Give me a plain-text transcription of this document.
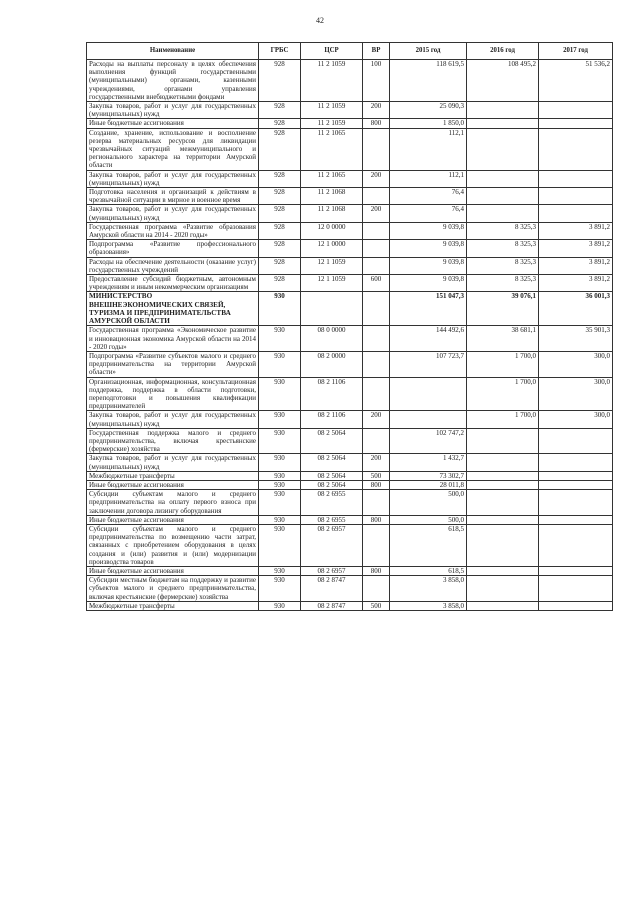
42
Наименование	ГРБС	ЦСР	ВР	2015 год	2016 год	2017 год
Расходы на выплаты персоналу в целях обеспечения выполнения функций государственными (муниципальными) органами, казенными учреждениями, органами управления государственными внебюджетными фондами	928	11 2 1059	100	118 619,5	108 495,2	51 536,2
Закупка товаров, работ и услуг для государственных (муниципальных) нужд	928	11 2 1059	200	25 090,3		
Иные бюджетные ассигнования	928	11 2 1059	800	1 850,0		
Создание, хранение, использование и восполнение резерва материальных ресурсов для ликвидации чрезвычайных ситуаций межмуниципального и регионального характера на территории Амурской области	928	11 2 1065		112,1		
Закупка товаров, работ и услуг для государственных (муниципальных) нужд	928	11 2 1065	200	112,1		
Подготовка населения и организаций к действиям в чрезвычайной ситуации в мирное и военное время	928	11 2 1068		76,4		
Закупка товаров, работ и услуг для государственных (муниципальных) нужд	928	11 2 1068	200	76,4		
Государственная программа «Развитие образования Амурской области на 2014 - 2020 годы»	928	12 0 0000		9 039,8	8 325,3	3 891,2
Подпрограмма «Развитие профессионального образования»	928	12 1 0000		9 039,8	8 325,3	3 891,2
Расходы на обеспечение деятельности (оказание услуг) государственных учреждений	928	12 1 1059		9 039,8	8 325,3	3 891,2
Предоставление субсидий бюджетным, автономным учреждениям и иным некоммерческим организациям	928	12 1 1059	600	9 039,8	8 325,3	3 891,2
МИНИСТЕРСТВО ВНЕШНЕЭКОНОМИЧЕСКИХ СВЯЗЕЙ, ТУРИЗМА И ПРЕДПРИНИМАТЕЛЬСТВА АМУРСКОЙ ОБЛАСТИ	930			151 047,3	39 076,1	36 001,3
Государственная программа «Экономическое развитие и инновационная экономика Амурской области на 2014 - 2020 годы»	930	08 0 0000		144 492,6	38 681,1	35 901,3
Подпрограмма «Развитие субъектов малого и среднего предпринимательства на территории Амурской области»	930	08 2 0000		107 723,7	1 700,0	300,0
Организационная, информационная, консультационная поддержка, поддержка в области подготовки, переподготовки и повышения квалификации предпринимателей	930	08 2 1106			1 700,0	300,0
Закупка товаров, работ и услуг для государственных (муниципальных) нужд	930	08 2 1106	200		1 700,0	300,0
Государственная поддержка малого и среднего предпринимательства, включая крестьянские (фермерские) хозяйства	930	08 2 5064		102 747,2		
Закупка товаров, работ и услуг для государственных (муниципальных) нужд	930	08 2 5064	200	1 432,7		
Межбюджетные трансферты	930	08 2 5064	500	73 302,7		
Иные бюджетные ассигнования	930	08 2 5064	800	28 011,8		
Субсидии субъектам малого и среднего предпринимательства на оплату первого взноса при заключении договора лизингу оборудования	930	08 2 6955		500,0		
Иные бюджетные ассигнования	930	08 2 6955	800	500,0		
Субсидии субъектам малого и среднего предпринимательства по возмещению части затрат, связанных с приобретением оборудования в целях создания и (или) развития и (или) модернизации производства товаров	930	08 2 6957		618,5		
Иные бюджетные ассигнования	930	08 2 6957	800	618,5		
Субсидии местным бюджетам на поддержку и развитие субъектов малого и среднего предпринимательства, включая крестьянские (фермерские) хозяйства	930	08 2 8747		3 858,0		
Межбюджетные трансферты	930	08 2 8747	500	3 858,0		
